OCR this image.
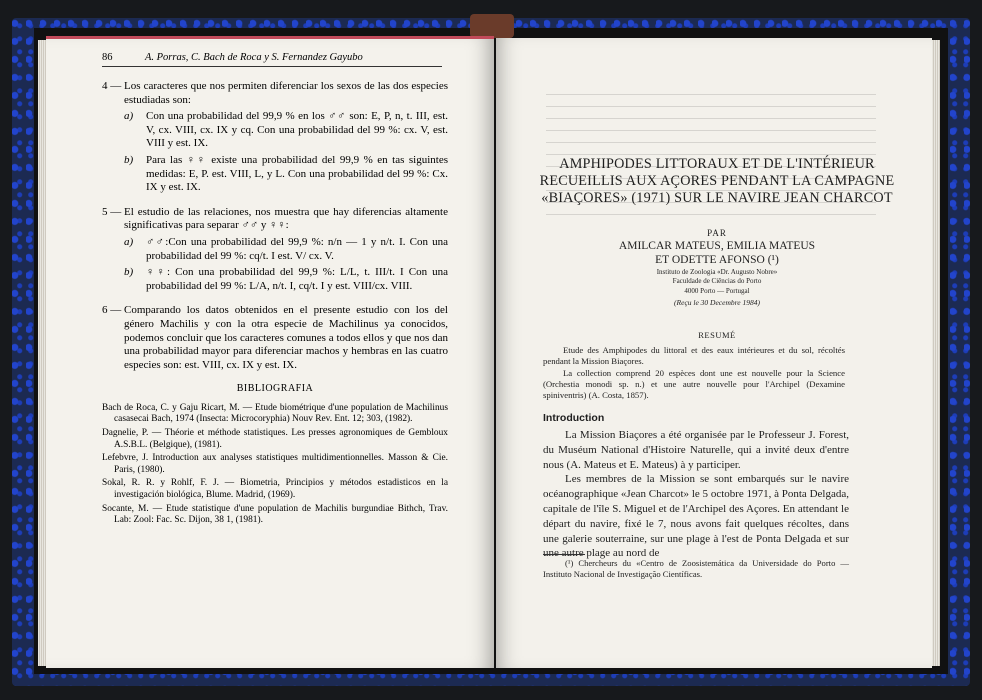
86	A. Porras, C. Bach de Roca y S. Fernandez Gayubo
4 — Los caracteres que nos permiten diferenciar los sexos de las dos especies estudiadas son:
a)	Con una probabilidad del 99,9 % en los ♂♂ son: E, P, n, t. III, est. V, cx. VIII, cx. IX y cq. Con una probabilidad del 99 %: cx. V, est. VIII y est. IX.
b)	Para las ♀♀ existe una probabilidad del 99,9 % en tas siguintes medidas: E, P. est. VIII, L, y L. Con una probabilidad del 99 %: Cx. IX y est. IX.
5 — El estudio de las relaciones, nos muestra que hay diferencias altamente significativas para separar ♂♂ y ♀♀:
a)	♂♂:Con una probabilidad del 99,9 %: n/n — 1 y n/t. I. Con una probabilidad del 99 %: cq/t. I est. V/ cx. V.
b)	♀♀: Con una probabilidad del 99,9 %: L/L, t. III/t. I Con una probabilidad del 99 %: L/A, n/t. I, cq/t. I y est. VIII/cx. VIII.
6 — Comparando los datos obtenidos en el presente estudio con los del género Machilis y con la otra especie de Machilinus ya conocidos, podemos concluir que los caracteres comunes a todos ellos y que nos dan una probabilidad mayor para diferenciar machos y hembras en las cuatro especies son: est. VIII, cx. IX y est. IX.
BIBLIOGRAFIA
Bach de Roca, C. y Gaju Ricart, M. — Etude biométrique d'une population de Machilinus casasecai Bach, 1974 (Insecta: Microcoryphia) Nouv Rev. Ent. 12; 303, (1982).
Dagnelie, P. — Théorie et méthode statistiques. Les presses agronomiques de Gembloux A.S.B.L. (Belgique), (1981).
Lefebvre, J. Introduction aux analyses statistiques multidimentionnelles. Masson & Cie. Paris, (1980).
Sokal, R. R. y Rohlf, F. J. — Biometria, Principios y métodos estadisticos en la investigación biológica, Blume. Madrid, (1969).
Socante, M. — Etude statistique d'une population de Machilis burgundiae Bithch, Trav. Lab: Zool: Fac. Sc. Dijon, 38 1, (1981).
AMPHIPODES LITTORAUX ET DE L'INTÉRIEUR RECUEILLIS AUX AÇORES PENDANT LA CAMPAGNE «BIAÇORES» (1971) SUR LE NAVIRE JEAN CHARCOT
PAR
AMILCAR MATEUS, EMILIA MATEUS
ET ODETTE AFONSO (¹)
Instituto de Zoologia «Dr. Augusto Nobre»
Faculdade de Ciências do Porto
4000 Porto — Portugal
(Reçu le 30 Decembre 1984)
RESUMÉ

Etude des Amphipodes du littoral et des eaux intérieures et du sol, récoltés pendant la Mission Biaçores.

La collection comprend 20 espèces dont une est nouvelle pour la Science (Orchestia monodi sp. n.) et une autre nouvelle pour l'Archipel (Dexamine spiniventris) (A. Costa, 1857).

Introduction

La Mission Biaçores a été organisée par le Professeur J. Forest, du Muséum National d'Histoire Naturelle, qui a invité deux d'entre nous (A. Mateus et E. Mateus) à y participer.

Les membres de la Mission se sont embarqués sur le navire océanographique «Jean Charcot» le 5 octobre 1971, à Ponta Delgada, capitale de l'île S. Miguel et de l'Archipel des Açores. En attendant le départ du navire, fixé le 7, nous avons fait quelques récoltes, dans une galerie souterraine, sur une plage à l'est de Ponta Delgada et sur une autre plage au nord de

(¹) Chercheurs du «Centro de Zoosistemática da Universidade do Porto — Instituto Nacional de Investigação Científicas.
